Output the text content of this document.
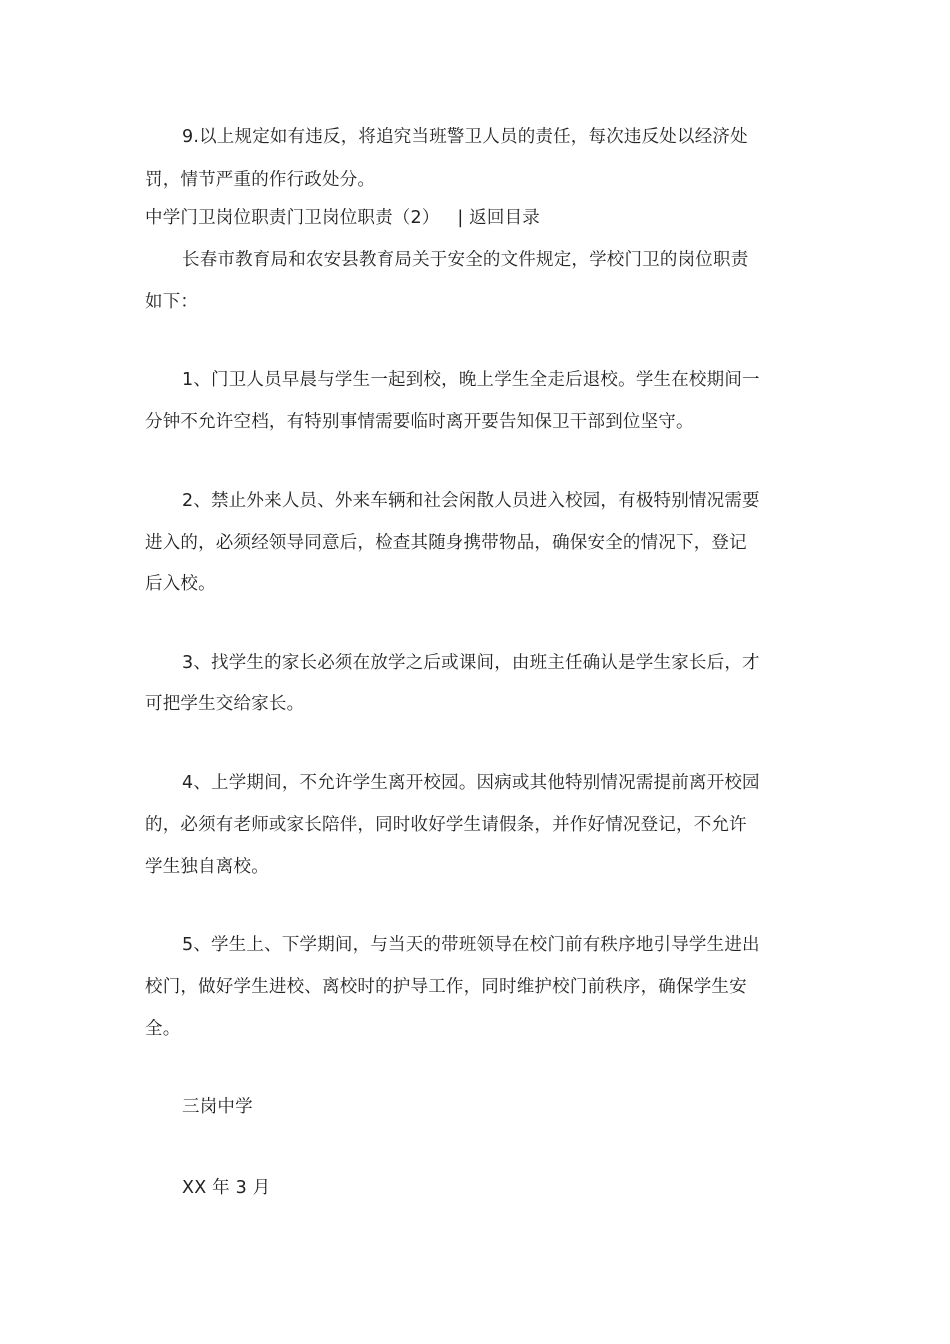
9.以上规定如有违反，将追究当班警卫人员的责任，每次违反处以经济处
罚，情节严重的作行政处分。
中学门卫岗位职责门卫岗位职责（2） | 返回目录
长春市教育局和农安县教育局关于安全的文件规定，学校门卫的岗位职责
如下：
1、门卫人员早晨与学生一起到校，晚上学生全走后退校。学生在校期间一
分钟不允许空档，有特别事情需要临时离开要告知保卫干部到位坚守。
2、禁止外来人员、外来车辆和社会闲散人员进入校园，有极特别情况需要
进入的，必须经领导同意后，检查其随身携带物品，确保安全的情况下，登记
后入校。
3、找学生的家长必须在放学之后或课间，由班主任确认是学生家长后，才
可把学生交给家长。
4、上学期间，不允许学生离开校园。因病或其他特别情况需提前离开校园
的，必须有老师或家长陪伴，同时收好学生请假条，并作好情况登记，不允许
学生独自离校。
5、学生上、下学期间，与当天的带班领导在校门前有秩序地引导学生进出
校门，做好学生进校、离校时的护导工作，同时维护校门前秩序，确保学生安
全。
三岗中学
XX 年 3 月
